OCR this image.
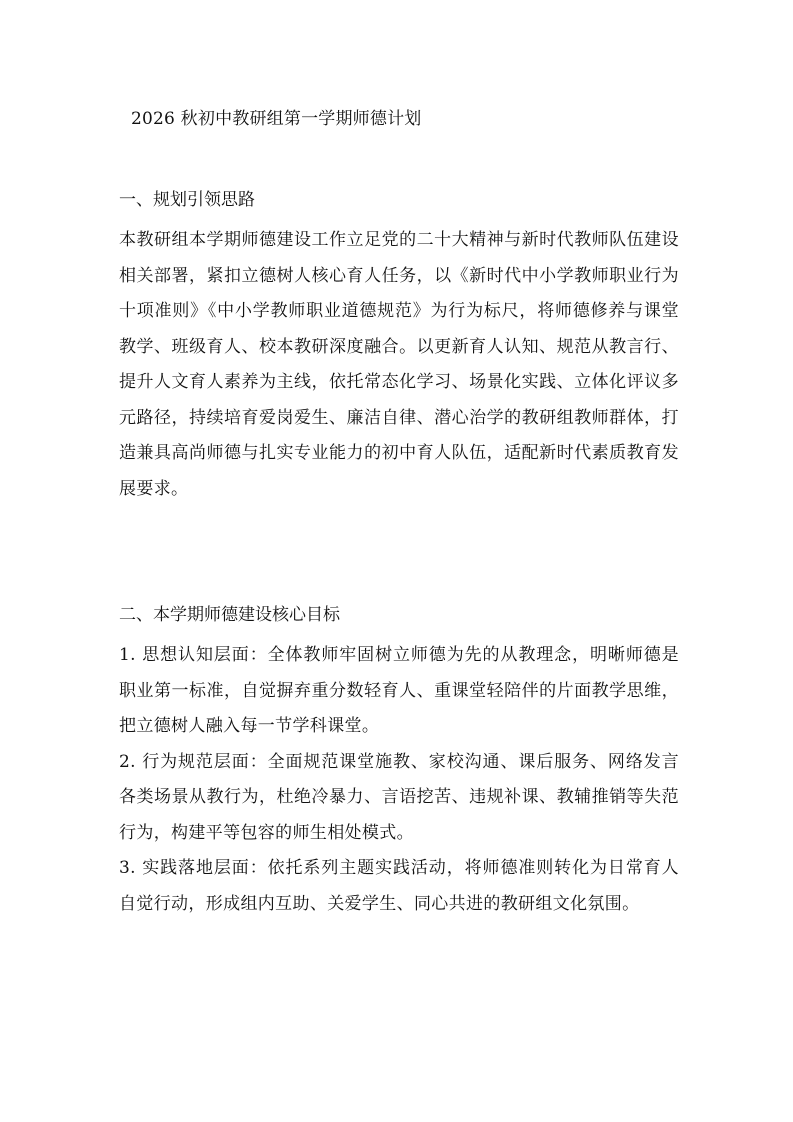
2026 秋初中教研组第一学期师德计划
一、规划引领思路

本教研组本学期师德建设工作立足党的二十大精神与新时代教师队伍建设相关部署，紧扣立德树人核心育人任务，以《新时代中小学教师职业行为十项准则》《中小学教师职业道德规范》为行为标尺，将师德修养与课堂教学、班级育人、校本教研深度融合。以更新育人认知、规范从教言行、提升人文育人素养为主线，依托常态化学习、场景化实践、立体化评议多元路径，持续培育爱岗爱生、廉洁自律、潜心治学的教研组教师群体，打造兼具高尚师德与扎实专业能力的初中育人队伍，适配新时代素质教育发展要求。

二、本学期师德建设核心目标

1. 思想认知层面：全体教师牢固树立师德为先的从教理念，明晰师德是职业第一标准，自觉摒弃重分数轻育人、重课堂轻陪伴的片面教学思维，把立德树人融入每一节学科课堂。

2. 行为规范层面：全面规范课堂施教、家校沟通、课后服务、网络发言各类场景从教行为，杜绝冷暴力、言语挖苦、违规补课、教辅推销等失范行为，构建平等包容的师生相处模式。

3. 实践落地层面：依托系列主题实践活动，将师德准则转化为日常育人自觉行动，形成组内互助、关爱学生、同心共进的教研组文化氛围。
